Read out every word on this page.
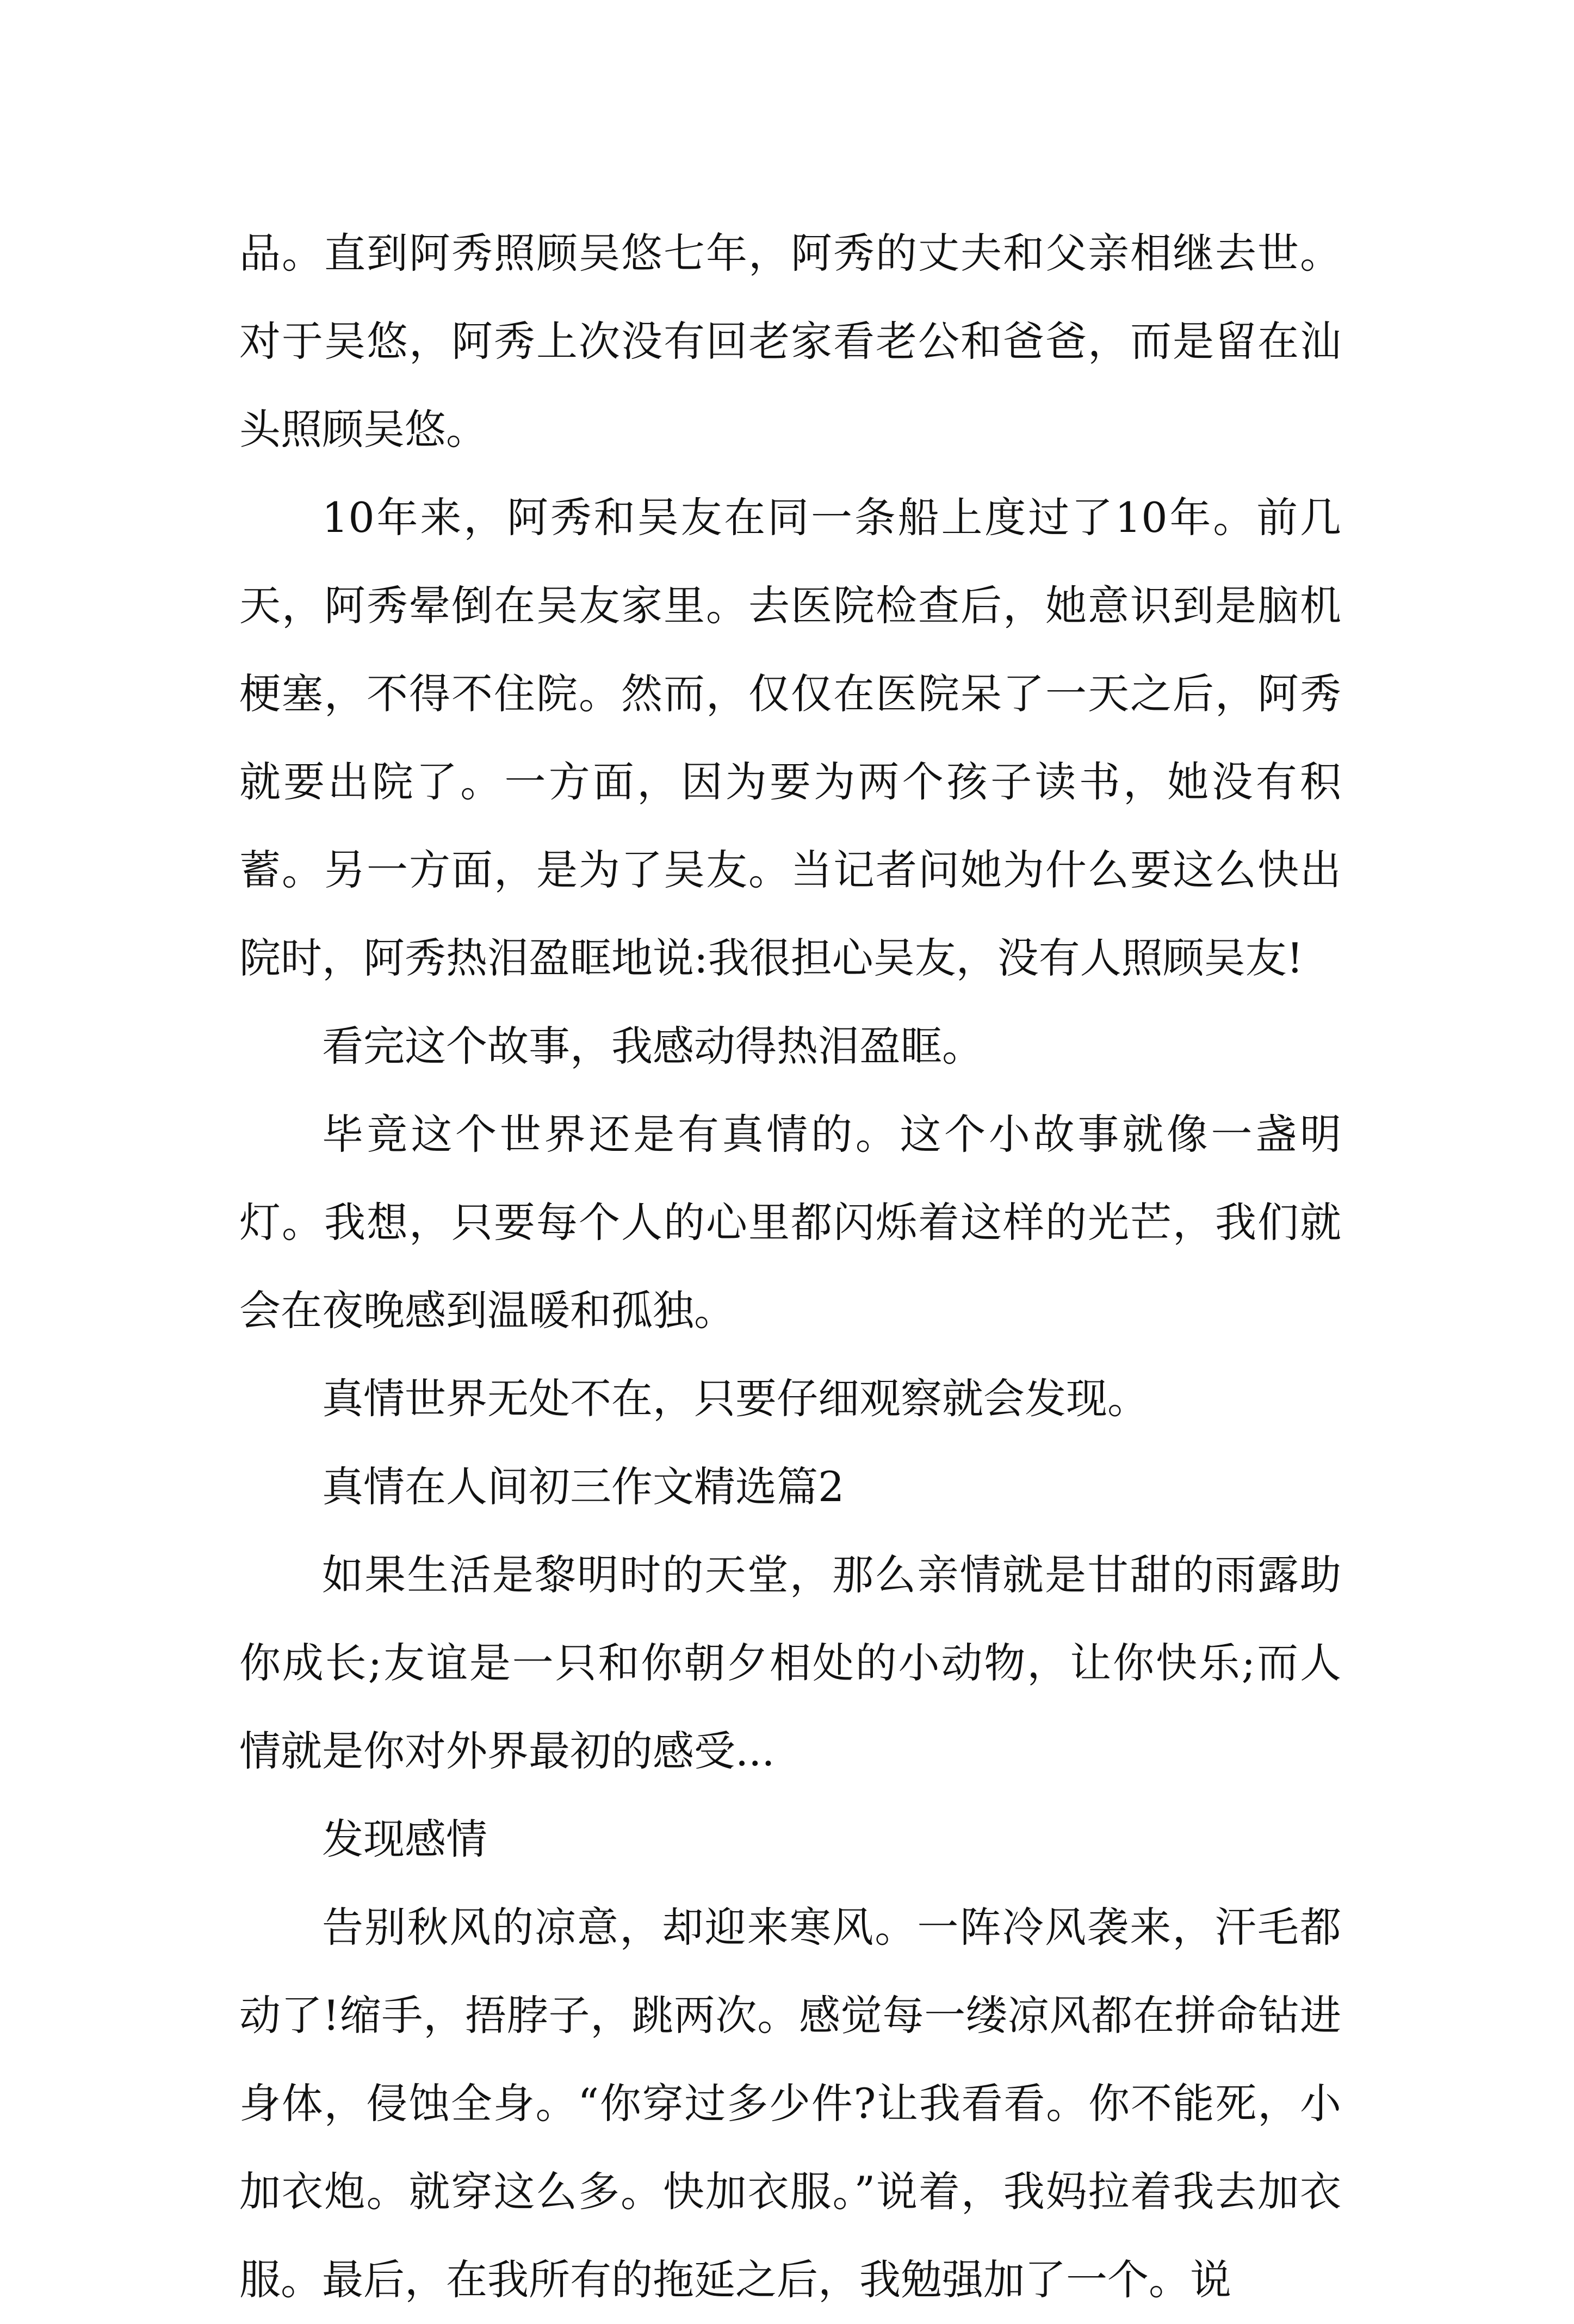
品。直到阿秀照顾吴悠七年，阿秀的丈夫和父亲相继去世。对于吴悠，阿秀上次没有回老家看老公和爸爸，而是留在汕头照顾吴悠。

10年来，阿秀和吴友在同一条船上度过了10年。前几天，阿秀晕倒在吴友家里。去医院检查后，她意识到是脑机梗塞，不得不住院。然而，仅仅在医院呆了一天之后，阿秀就要出院了。一方面，因为要为两个孩子读书，她没有积蓄。另一方面，是为了吴友。当记者问她为什么要这么快出院时，阿秀热泪盈眶地说:我很担心吴友，没有人照顾吴友!

看完这个故事，我感动得热泪盈眶。

毕竟这个世界还是有真情的。这个小故事就像一盏明灯。我想，只要每个人的心里都闪烁着这样的光芒，我们就会在夜晚感到温暖和孤独。

真情世界无处不在，只要仔细观察就会发现。

真情在人间初三作文精选篇2

如果生活是黎明时的天堂，那么亲情就是甘甜的雨露助你成长;友谊是一只和你朝夕相处的小动物，让你快乐;而人情就是你对外界最初的感受...

发现感情

告别秋风的凉意，却迎来寒风。一阵冷风袭来，汗毛都动了!缩手，捂脖子，跳两次。感觉每一缕凉风都在拼命钻进身体，侵蚀全身。“你穿过多少件?让我看看。你不能死，小加衣炮。就穿这么多。快加衣服。”说着，我妈拉着我去加衣服。最后，在我所有的拖延之后，我勉强加了一个。说
